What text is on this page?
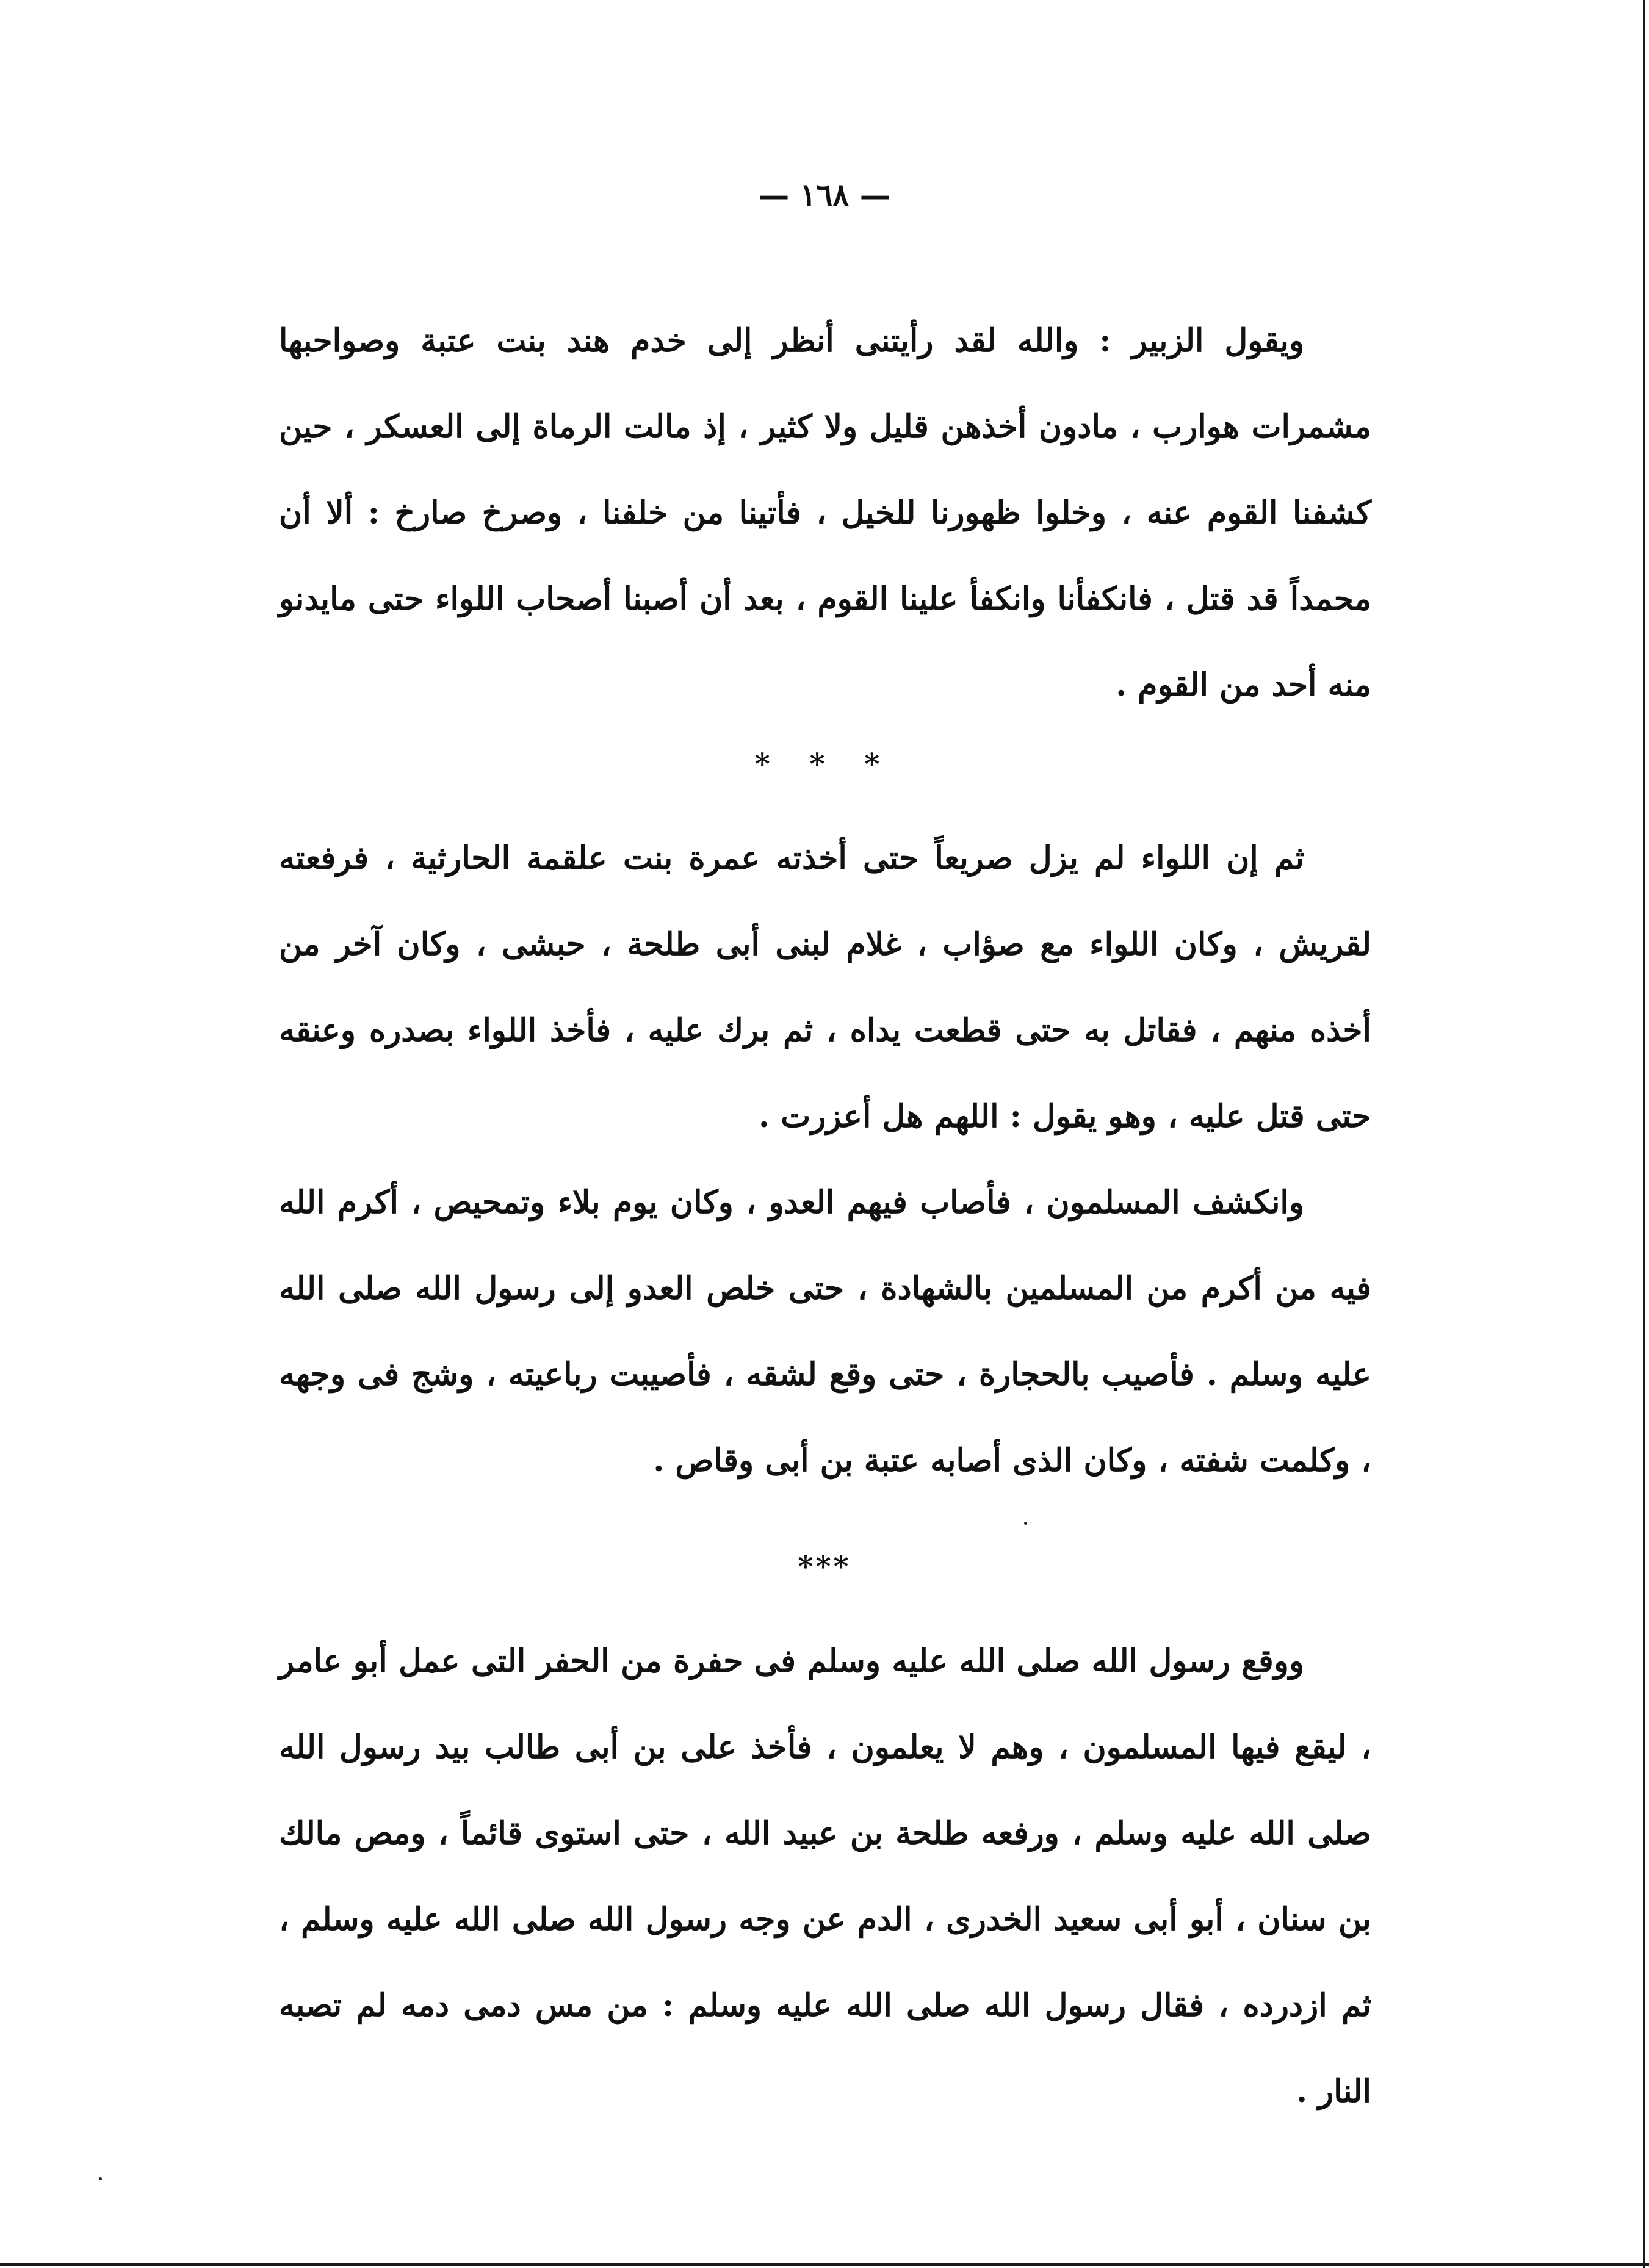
— ١٦٨ —

ويقول الزبير : والله لقد رأيتنى أنظر إلى خدم هند بنت عتبة وصواحبها مشمرات هوارب ، مادون أخذهن قليل ولا كثير ، إذ مالت الرماة إلى العسكر ، حين كشفنا القوم عنه ، وخلوا ظهورنا للخيل ، فأتينا من خلفنا ، وصرخ صارخ : ألا أن محمداً قد قتل ، فانكفأنا وانكفأ علينا القوم ، بعد أن أصبنا أصحاب اللواء حتى مايدنو منه أحد من القوم .

* * *

ثم إن اللواء لم يزل صريعاً حتى أخذته عمرة بنت علقمة الحارثية ، فرفعته لقريش ، وكان اللواء مع صؤاب ، غلام لبنى أبى طلحة ، حبشى ، وكان آخر من أخذه منهم ، فقاتل به حتى قطعت يداه ، ثم برك عليه ، فأخذ اللواء بصدره وعنقه حتى قتل عليه ، وهو يقول : اللهم هل أعزرت .

وانكشف المسلمون ، فأصاب فيهم العدو ، وكان يوم بلاء وتمحيص ، أكرم الله فيه من أكرم من المسلمين بالشهادة ، حتى خلص العدو إلى رسول الله صلى الله عليه وسلم . فأصيب بالحجارة ، حتى وقع لشقه ، فأصيبت رباعيته ، وشج فى وجهه ، وكلمت شفته ، وكان الذى أصابه عتبة بن أبى وقاص .

***

ووقع رسول الله صلى الله عليه وسلم فى حفرة من الحفر التى عمل أبو عامر ، ليقع فيها المسلمون ، وهم لا يعلمون ، فأخذ على بن أبى طالب بيد رسول الله صلى الله عليه وسلم ، ورفعه طلحة بن عبيد الله ، حتى استوى قائماً ، ومص مالك بن سنان ، أبو أبى سعيد الخدرى ، الدم عن وجه رسول الله صلى الله عليه وسلم ، ثم ازدرده ، فقال رسول الله صلى الله عليه وسلم : من مس دمى دمه لم تصبه النار .
